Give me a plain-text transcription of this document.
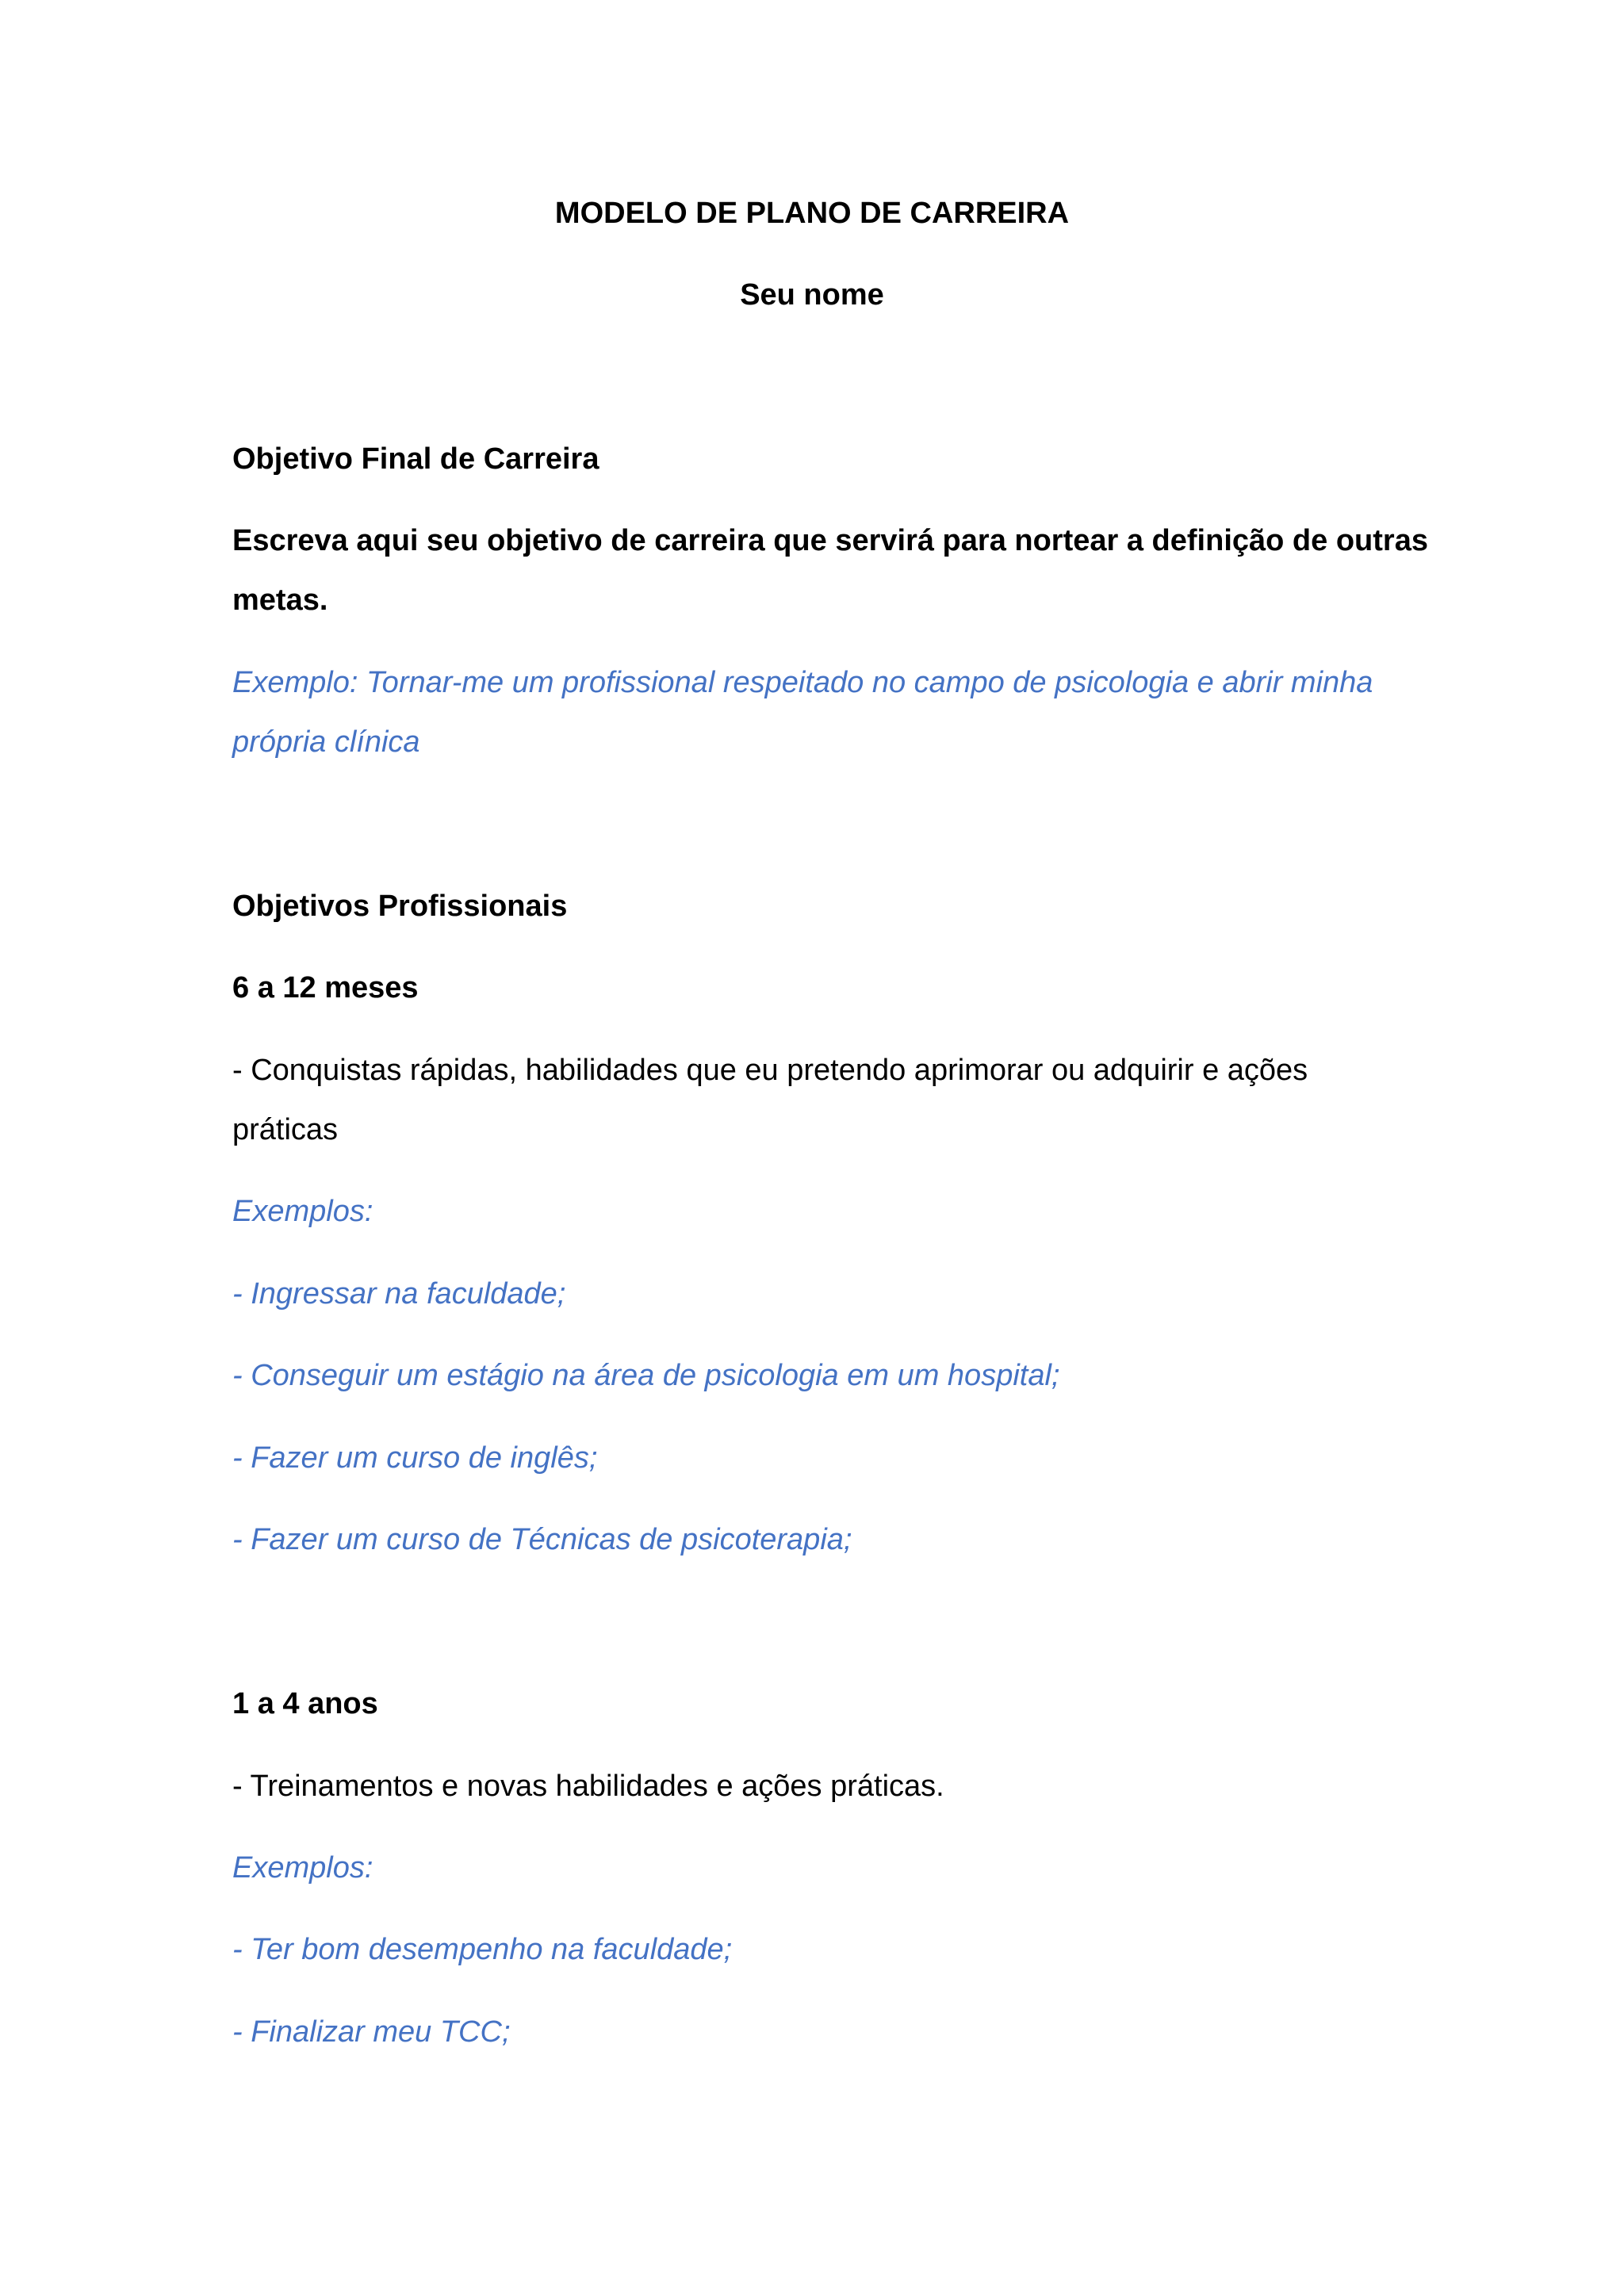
MODELO DE PLANO DE CARREIRA

Seu nome

Objetivo Final de Carreira

Escreva aqui seu objetivo de carreira que servirá para nortear a definição de outras

metas.

Exemplo: Tornar-me um profissional respeitado no campo de psicologia e abrir minha

própria clínica

Objetivos Profissionais

6 a 12 meses

- Conquistas rápidas, habilidades que eu pretendo aprimorar ou adquirir e ações

práticas

Exemplos:

- Ingressar na faculdade;

- Conseguir um estágio na área de psicologia em um hospital;

- Fazer um curso de inglês;

- Fazer um curso de Técnicas de psicoterapia;

1 a 4 anos

- Treinamentos e novas habilidades e ações práticas.

Exemplos:

- Ter bom desempenho na faculdade;

- Finalizar meu TCC;
